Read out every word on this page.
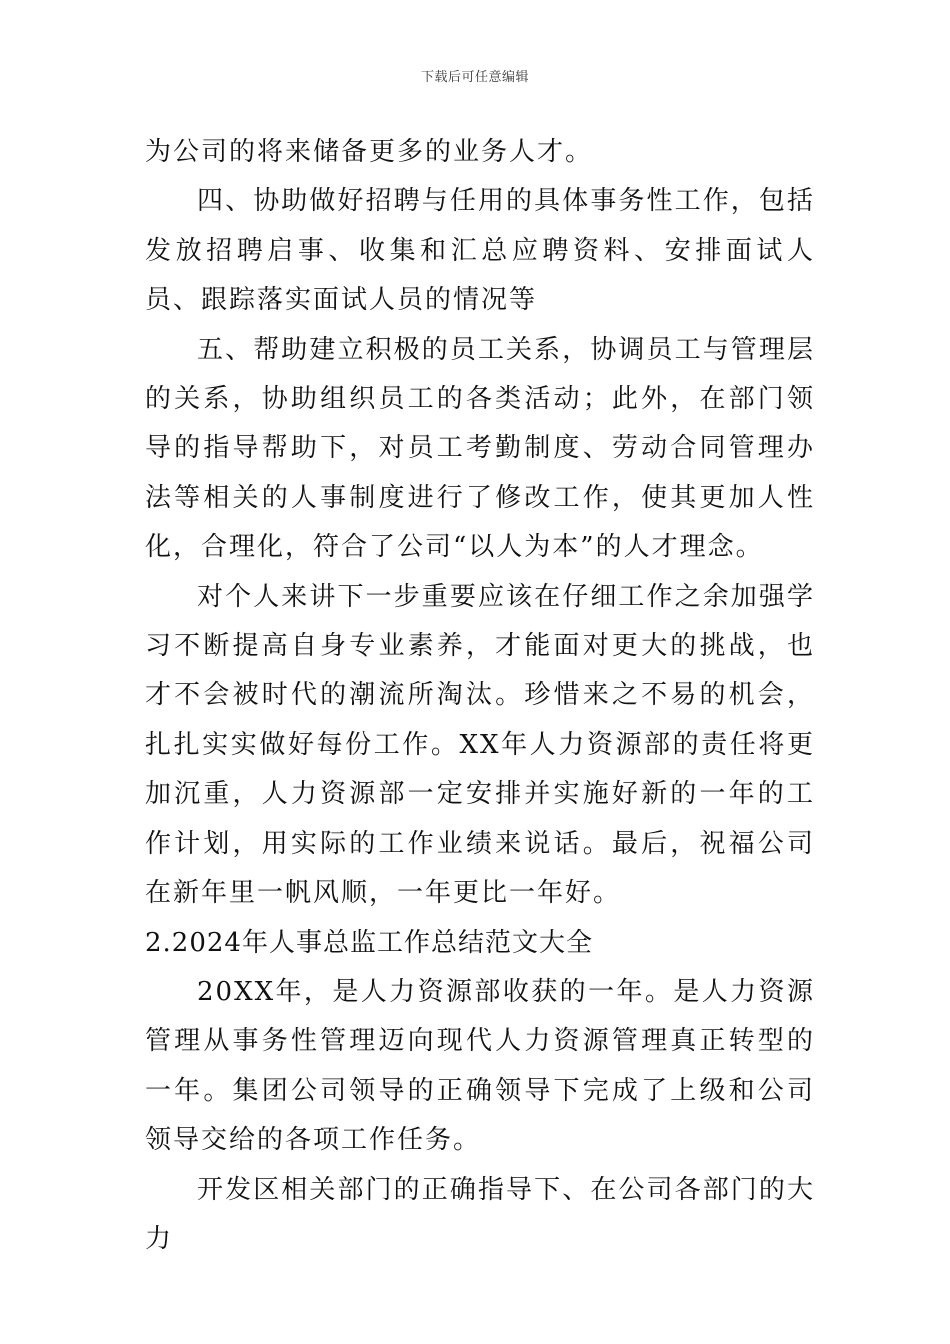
下载后可任意编辑

为公司的将来储备更多的业务人才。

四、协助做好招聘与任用的具体事务性工作，包括发放招聘启事、收集和汇总应聘资料、安排面试人员、跟踪落实面试人员的情况等

五、帮助建立积极的员工关系，协调员工与管理层的关系，协助组织员工的各类活动；此外，在部门领导的指导帮助下，对员工考勤制度、劳动合同管理办法等相关的人事制度进行了修改工作，使其更加人性化，合理化，符合了公司“以人为本”的人才理念。

对个人来讲下一步重要应该在仔细工作之余加强学习不断提高自身专业素养，才能面对更大的挑战，也才不会被时代的潮流所淘汰。珍惜来之不易的机会，扎扎实实做好每份工作。XX年人力资源部的责任将更加沉重，人力资源部一定安排并实施好新的一年的工作计划，用实际的工作业绩来说话。最后，祝福公司在新年里一帆风顺，一年更比一年好。

2.2024年人事总监工作总结范文大全

20XX年，是人力资源部收获的一年。是人力资源管理从事务性管理迈向现代人力资源管理真正转型的一年。集团公司领导的正确领导下完成了上级和公司领导交给的各项工作任务。

开发区相关部门的正确指导下、在公司各部门的大力
